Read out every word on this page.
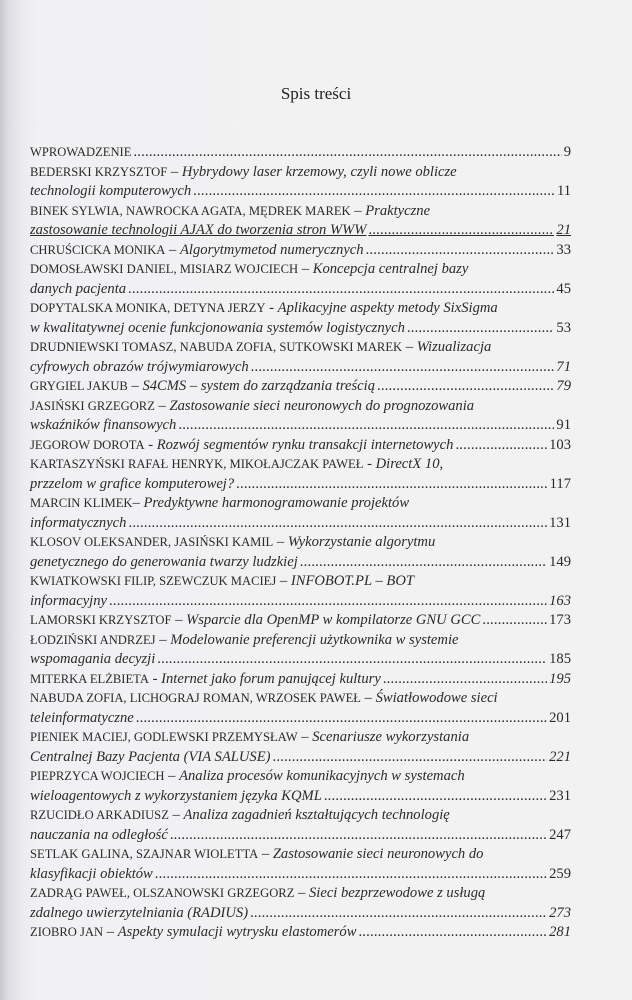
Spis treści
WPROWADZENIE .....	9
BEDERSKI KRZYSZTOF – Hybrydowy laser krzemowy, czyli nowe oblicze
technologii komputerowych .....	11
BINEK SYLWIA, NAWROCKA AGATA, MĘDREK MAREK – Praktyczne
zastosowanie technologii AJAX do tworzenia stron WWW .....	21
CHRUŚCICKA MONIKA – Algorytmymetod numerycznych .....	33
DOMOSŁAWSKI DANIEL, MISIARZ WOJCIECH – Koncepcja centralnej bazy
danych pacjenta .....	45
DOPYTALSKA MONIKA, DETYNA JERZY - Aplikacyjne aspekty metody SixSigma
w kwalitatywnej ocenie funkcjonowania systemów logistycznych .....	53
DRUDNIEWSKI TOMASZ, NABUDA ZOFIA, SUTKOWSKI MAREK – Wizualizacja
cyfrowych obrazów trójwymiarowych .....	71
GRYGIEL JAKUB – S4CMS – system do zarządzania treścią .....	79
JASIŃSKI GRZEGORZ – Zastosowanie sieci neuronowych do prognozowania
wskaźników finansowych .....	91
JEGOROW DOROTA - Rozwój segmentów rynku transakcji internetowych .....	103
KARTASZYŃSKI RAFAŁ HENRYK, MIKOŁAJCZAK PAWEŁ - DirectX 10,
przzelom w grafice komputerowej? .....	117
MARCIN KLIMEK– Predyktywne harmonogramowanie projektów
informatycznych .....	131
KLOSOV OLEKSANDER, JASIŃSKI KAMIL – Wykorzystanie algorytmu
genetycznego do generowania twarzy ludzkiej .....	149
KWIATKOWSKI FILIP, SZEWCZUK MACIEJ – INFOBOT.PL – BOT
informacyjny .....	163
LAMORSKI KRZYSZTOF – Wsparcie dla OpenMP w kompilatorze GNU GCC .....	173
ŁODZIŃSKI ANDRZEJ – Modelowanie preferencji użytkownika w systemie
wspomagania decyzji .....	185
MITERKA ELŻBIETA - Internet jako forum panującej kultury .....	195
NABUDA ZOFIA, LICHOGRAJ ROMAN, WRZOSEK PAWEŁ – Światłowodowe sieci
teleinformatyczne .....	201
PIENIEK MACIEJ, GODLEWSKI PRZEMYSŁAW – Scenariusze wykorzystania
Centralnej Bazy Pacjenta (VIA SALUSE) .....	221
PIEPRZYCA WOJCIECH – Analiza procesów komunikacyjnych w systemach
wieloagentowych z wykorzystaniem języka KQML .....	231
RZUCIDŁO ARKADIUSZ – Analiza zagadnień kształtujących technologię
nauczania na odległość .....	247
SETLAK GALINA, SZAJNAR WIOLETTA – Zastosowanie sieci neuronowych do
klasyfikacji obiektów .....	259
ZADRĄG PAWEŁ, OLSZANOWSKI GRZEGORZ – Sieci bezprzewodowe z usługą
zdalnego uwierzytelniania (RADIUS) .....	273
ZIOBRO JAN – Aspekty symulacji wytrysku elastomerów .....	281
